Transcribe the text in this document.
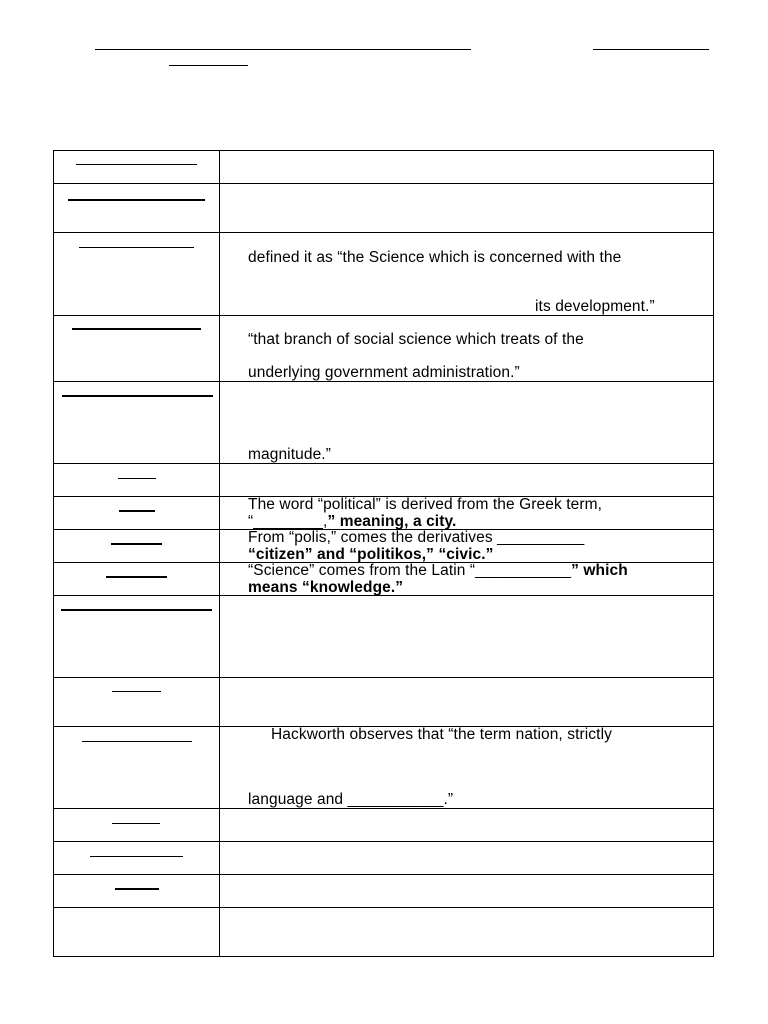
	defined it as “the Science which is concerned with the
its development.”

	“that branch of social science which treats of the
underlying government administration.”

	magnitude.”

	The word “political” is derived from the Greek term,
“________,” meaning, a city.

	From “polis,” comes the derivatives __________
“citizen” and “politikos,” “civic.”

	“Science” comes from the Latin “___________” which
means “knowledge.”

	Hackworth observes that “the term nation, strictly
language and ___________.”
